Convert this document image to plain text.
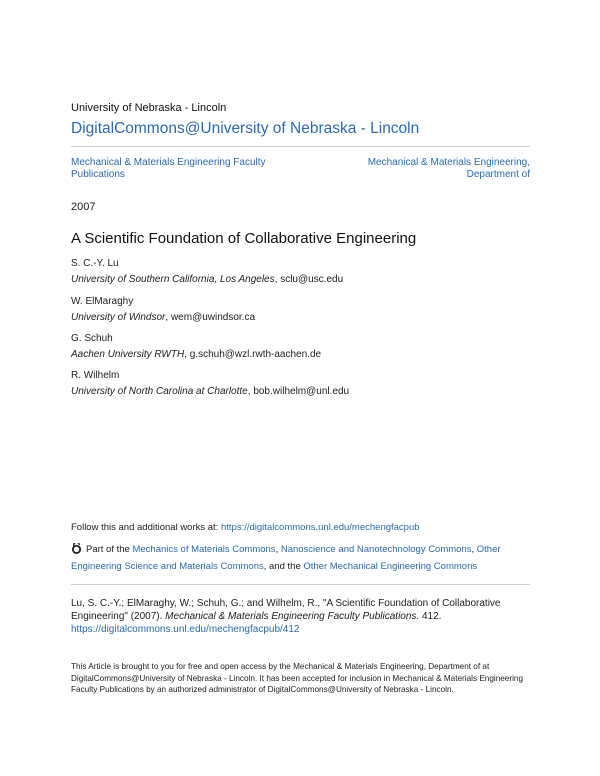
University of Nebraska - Lincoln
DigitalCommons@University of Nebraska - Lincoln
Mechanical & Materials Engineering Faculty Publications
Mechanical & Materials Engineering, Department of
2007
A Scientific Foundation of Collaborative Engineering
S. C.-Y. Lu
University of Southern California, Los Angeles, sclu@usc.edu
W. ElMaraghy
University of Windsor, wem@uwindsor.ca
G. Schuh
Aachen University RWTH, g.schuh@wzl.rwth-aachen.de
R. Wilhelm
University of North Carolina at Charlotte, bob.wilhelm@unl.edu
Follow this and additional works at: https://digitalcommons.unl.edu/mechengfacpub
Part of the Mechanics of Materials Commons, Nanoscience and Nanotechnology Commons, Other Engineering Science and Materials Commons, and the Other Mechanical Engineering Commons
Lu, S. C.-Y.; ElMaraghy, W.; Schuh, G.; and Wilhelm, R., "A Scientific Foundation of Collaborative Engineering" (2007). Mechanical & Materials Engineering Faculty Publications. 412.
https://digitalcommons.unl.edu/mechengfacpub/412
This Article is brought to you for free and open access by the Mechanical & Materials Engineering, Department of at DigitalCommons@University of Nebraska - Lincoln. It has been accepted for inclusion in Mechanical & Materials Engineering Faculty Publications by an authorized administrator of DigitalCommons@University of Nebraska - Lincoln.
